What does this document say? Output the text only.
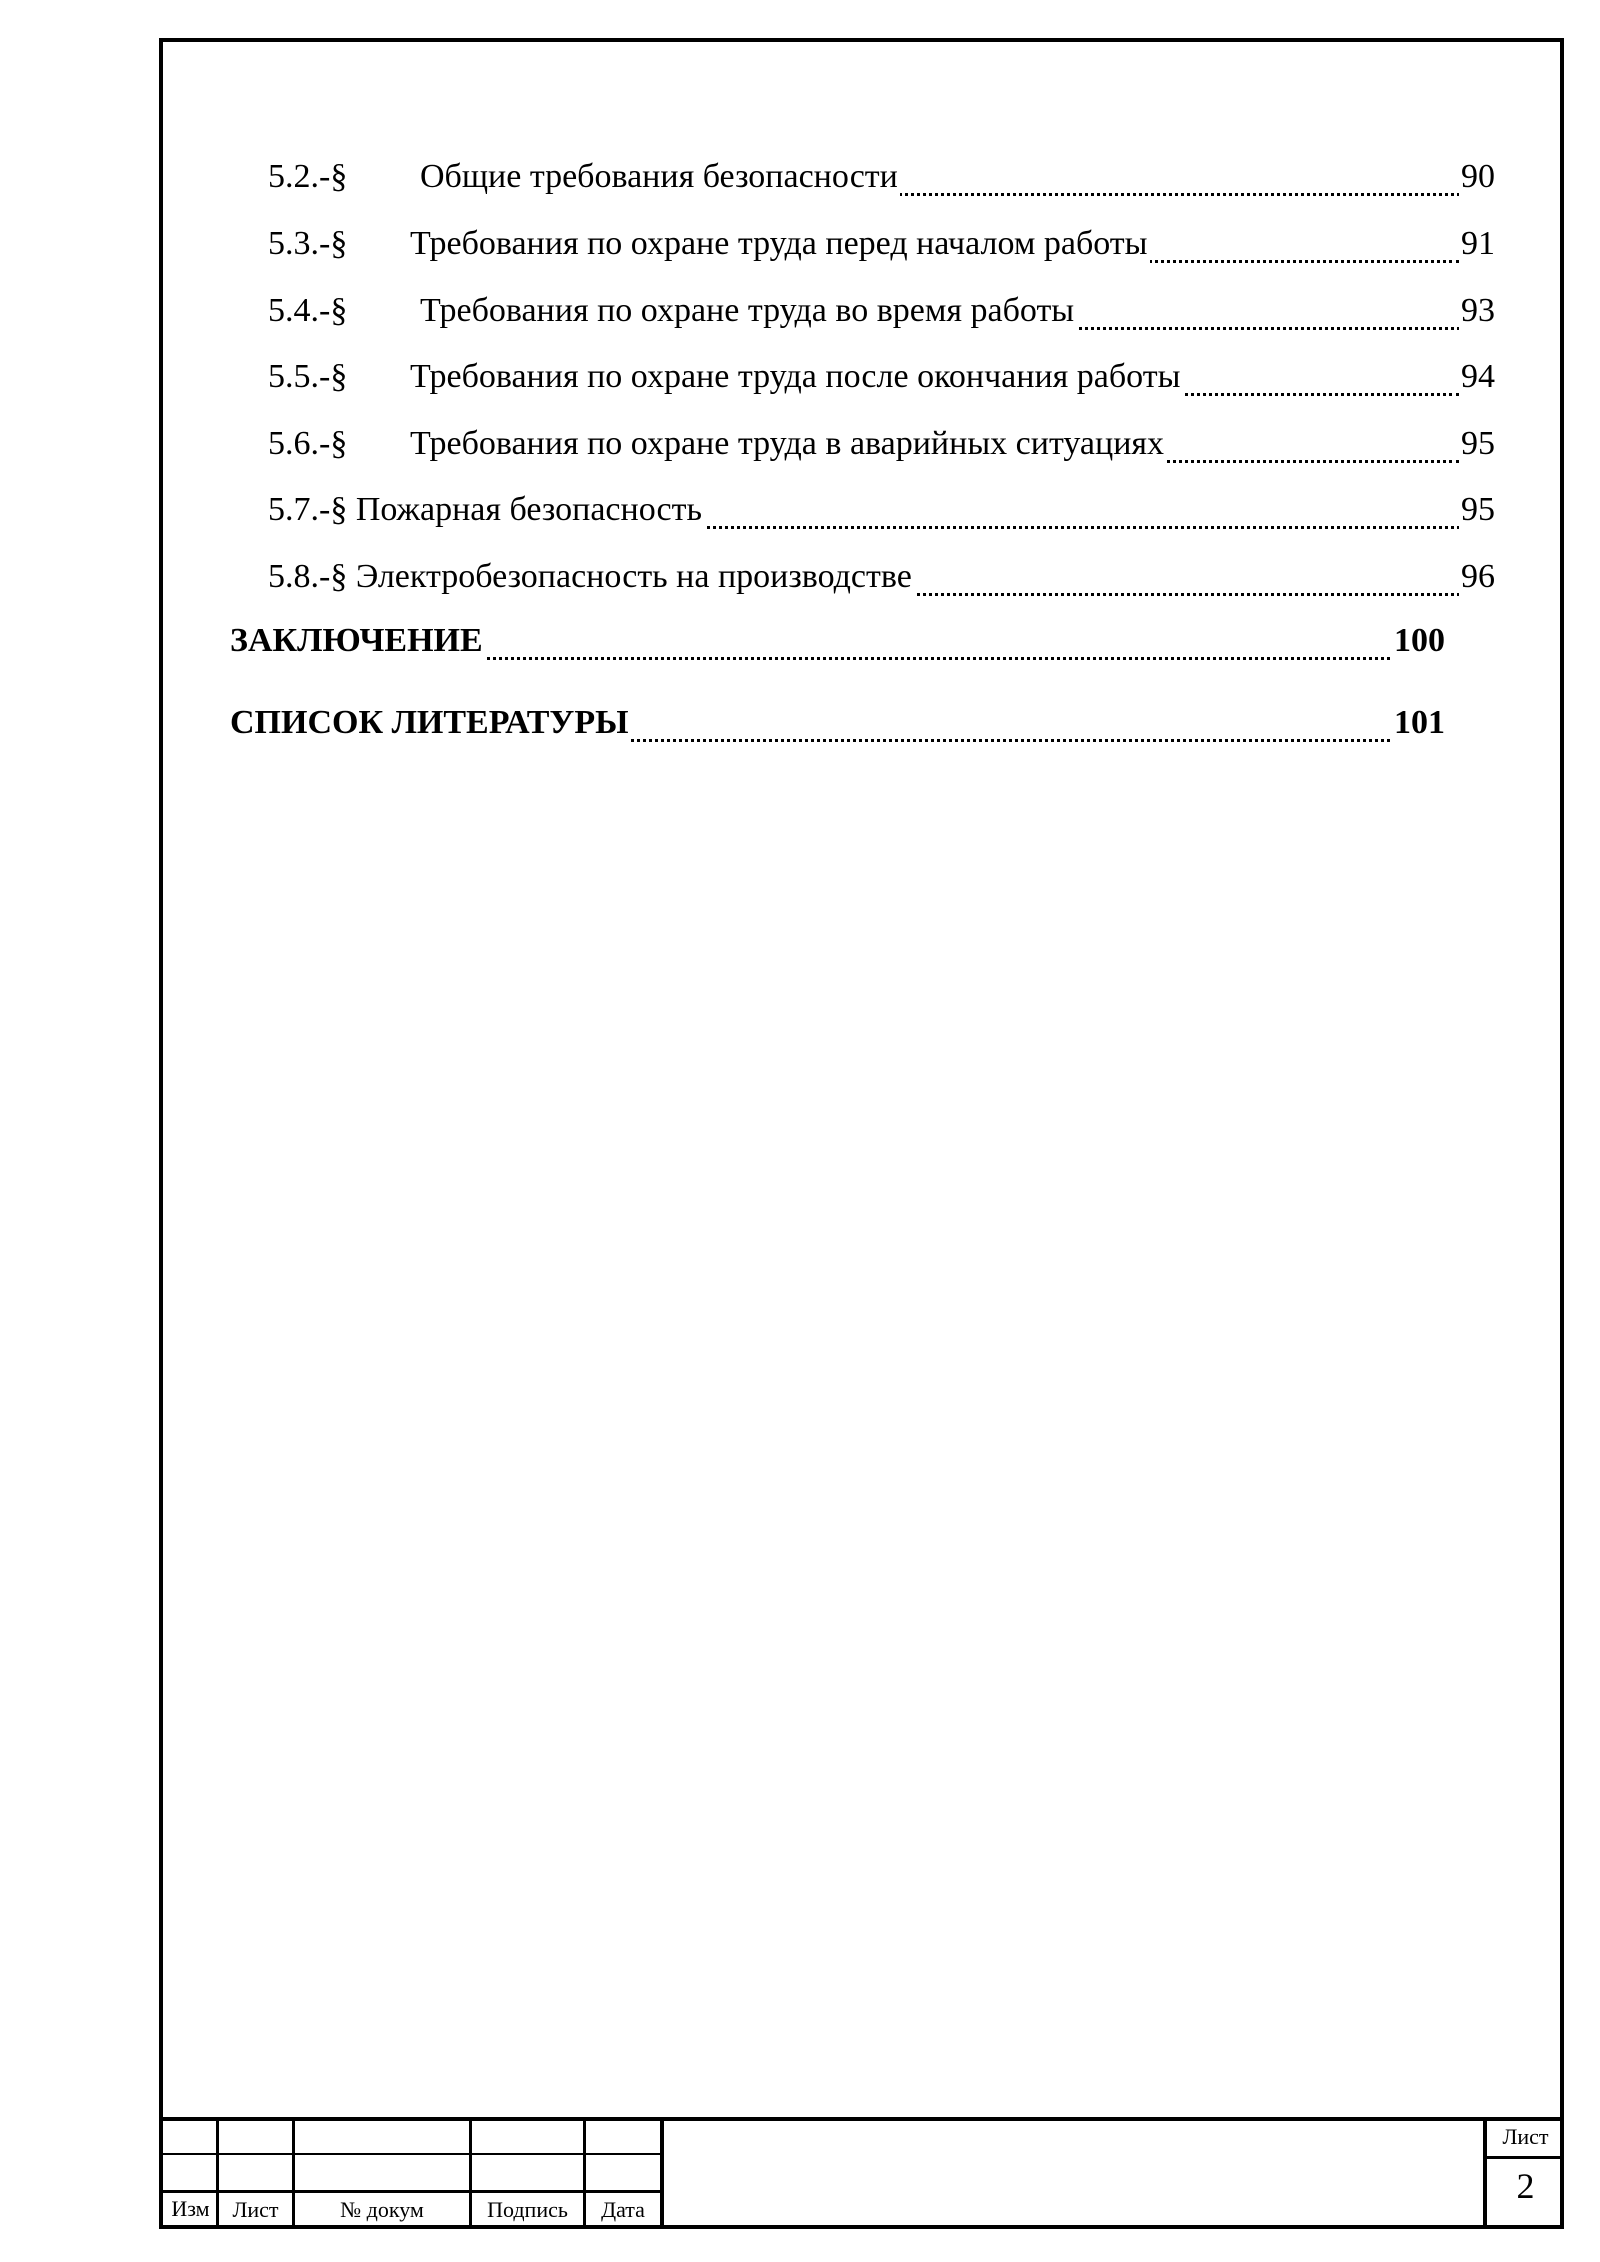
5.2.-§ Общие требования безопасности	90
5.3.-§ Требования по охране труда перед началом работы	91
5.4.-§ Требования по охране труда во время работы	93
5.5.-§ Требования по охране труда после окончания работы	94
5.6.-§ Требования по охране труда в аварийных ситуациях	95
5.7.-§ Пожарная безопасность	95
5.8.-§ Электробезопасность на производстве	96
ЗАКЛЮЧЕНИЕ	100
СПИСОК ЛИТЕРАТУРЫ	101
Изм	Лист	№ докум	Подпись	Дата
Лист
2
